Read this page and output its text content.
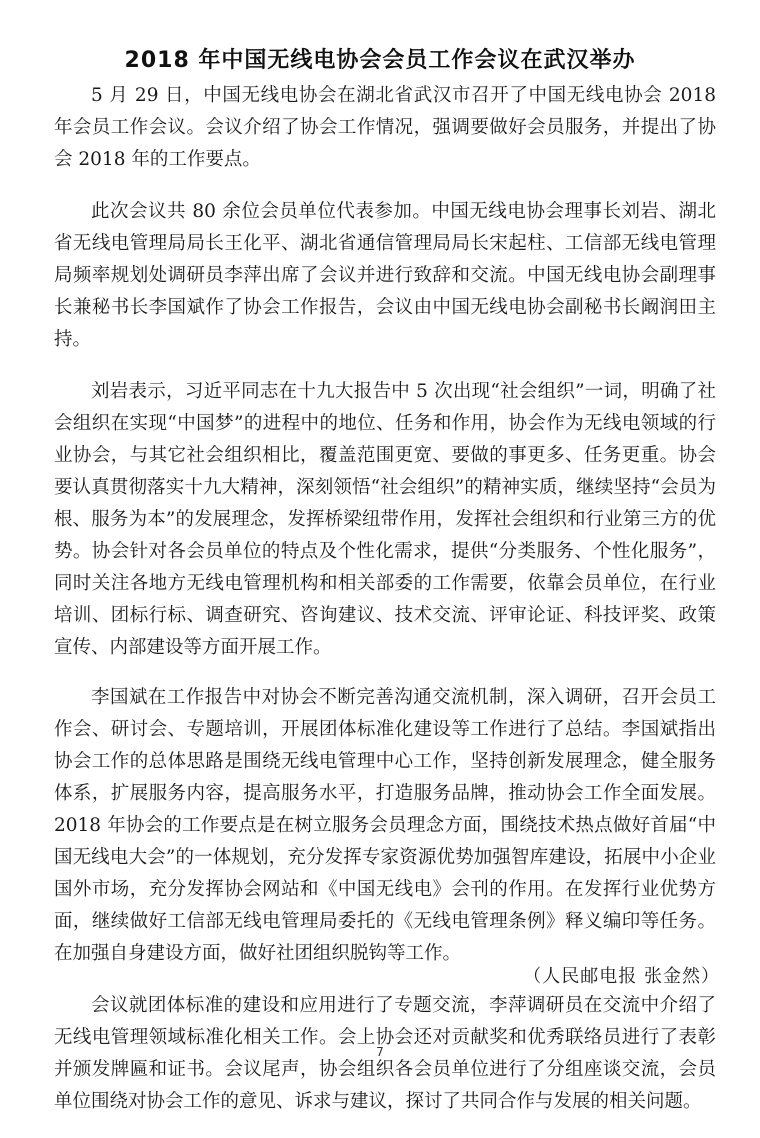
2018 年中国无线电协会会员工作会议在武汉举办

5 月 29 日，中国无线电协会在湖北省武汉市召开了中国无线电协会 2018 年会员工作会议。会议介绍了协会工作情况，强调要做好会员服务，并提出了协会 2018 年的工作要点。

此次会议共 80 余位会员单位代表参加。中国无线电协会理事长刘岩、湖北省无线电管理局局长王化平、湖北省通信管理局局长宋起柱、工信部无线电管理局频率规划处调研员李萍出席了会议并进行致辞和交流。中国无线电协会副理事长兼秘书长李国斌作了协会工作报告，会议由中国无线电协会副秘书长阚润田主持。

刘岩表示，习近平同志在十九大报告中 5 次出现“社会组织”一词，明确了社会组织在实现“中国梦”的进程中的地位、任务和作用，协会作为无线电领域的行业协会，与其它社会组织相比，覆盖范围更宽、要做的事更多、任务更重。协会要认真贯彻落实十九大精神，深刻领悟“社会组织”的精神实质，继续坚持“会员为根、服务为本”的发展理念，发挥桥梁纽带作用，发挥社会组织和行业第三方的优势。协会针对各会员单位的特点及个性化需求，提供“分类服务、个性化服务”，同时关注各地方无线电管理机构和相关部委的工作需要，依靠会员单位，在行业培训、团标行标、调查研究、咨询建议、技术交流、评审论证、科技评奖、政策宣传、内部建设等方面开展工作。

李国斌在工作报告中对协会不断完善沟通交流机制，深入调研，召开会员工作会、研讨会、专题培训，开展团体标准化建设等工作进行了总结。李国斌指出协会工作的总体思路是围绕无线电管理中心工作，坚持创新发展理念，健全服务体系，扩展服务内容，提高服务水平，打造服务品牌，推动协会工作全面发展。2018 年协会的工作要点是在树立服务会员理念方面，围绕技术热点做好首届“中国无线电大会”的一体规划，充分发挥专家资源优势加强智库建设，拓展中小企业国外市场，充分发挥协会网站和《中国无线电》会刊的作用。在发挥行业优势方面，继续做好工信部无线电管理局委托的《无线电管理条例》释义编印等任务。在加强自身建设方面，做好社团组织脱钩等工作。

会议就团体标准的建设和应用进行了专题交流，李萍调研员在交流中介绍了无线电管理领域标准化相关工作。会上协会还对贡献奖和优秀联络员进行了表彰并颁发牌匾和证书。会议尾声，协会组织各会员单位进行了分组座谈交流，会员单位围绕对协会工作的意见、诉求与建议，探讨了共同合作与发展的相关问题。

（人民邮电报 张金然）
7
